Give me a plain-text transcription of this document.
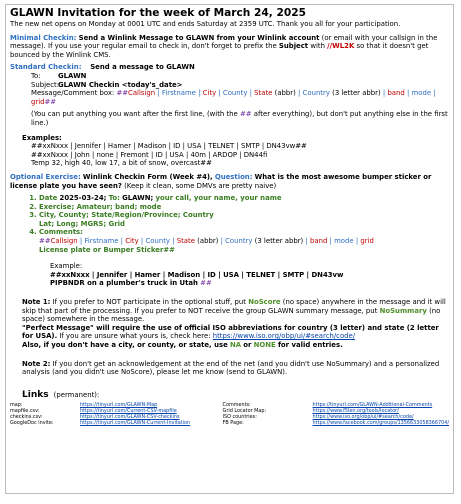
GLAWN Invitation for the week of March 24, 2025
The new net opens on Monday at 0001 UTC and ends Saturday at 2359 UTC. Thank you all for your participation.
Minimal Checkin: Send a Winlink Message to GLAWN from your Winlink account (or email with your callsign in the message). If you use your regular email to check in, don't forget to prefix the Subject with //WL2K so that it doesn't get bounced by the Winlink CMS.
Standard Checkin: Send a message to GLAWN
To:	GLAWN
Subject:
GLAWN Checkin <today's_date>
Message/Comment box: ##Callsign | Firstname | City | County | State (abbr) | Country (3 letter abbr) | band | mode | grid##
(You can put anything you want after the first line, (with the ## after everything), but don't put anything else in the first line.)
Examples:
##xxNxxx | Jennifer | Hamer | Madison | ID | USA | TELNET | SMTP | DN43vw##
##xxNxxx | John | none | Fremont | ID | USA | 40m | ARDOP | DN44fi
Temp 32, high 40, low 17, a bit of snow, overcast##
Optional Exercise: Winlink Checkin Form (Week #4), Question: What is the most awesome bumper sticker or license plate you have seen? (Keep it clean, some DMVs are pretty naive)
1. Date 2025-03-24; To: GLAWN; your call, your name, your name
2. Exercise; Amateur; band; mode
3. City, County; State/Region/Province; Country
Lat; Long; MGRS; Grid
4. Comments:
##Callsign | Firstname | City | County | State (abbr) | Country (3 letter abbr) | band | mode | grid
License plate or Bumper Sticker##
Example:
##xxNxxx | Jennifer | Hamer | Madison | ID | USA | TELNET | SMTP | DN43vw
PIPBNDR on a plumber's truck in Utah ##
Note 1: If you prefer to NOT participate in the optional stuff, put NoScore (no space) anywhere in the message and it will skip that part of the processing. If you prefer to NOT receive the group GLAWN summary message, put NoSummary (no space) somewhere in the message.
"Perfect Message" will require the use of official ISO abbreviations for country (3 letter) and state (2 letter for USA). If you are unsure what yours is, check here: https://www.iso.org/obp/ui/#search/code/
Also, if you don't have a city, or county, or state, use NA or NONE for valid entries.
Note 2: If you don't get an acknowledgement at the end of the net (and you didn't use NoSummary) and a personalized analysis (and you didn't use NoScore), please let me know (send to GLAWN).
Links (permanent):
map:	https://tinyurl.com/GLAWN-Map
mapfile.csv:	https://tinyurl.com/Current-CSV-mapfile
checkins.csv:	https://tinyurl.com/GLAWN-CSV-checkins
GoogleDoc invite:	https://tinyurl.com/GLAWN-Current-Invitation
Comments:	https://tinyurl.com/GLAWN-Additional-Comments
Grid Locator Map:	https://www.f5len.org/tools/locator/
ISO countries:	https://www.iso.org/obp/ui/#search/code/
FB Page:	https://www.facebook.com/groups/1356633058366704/
